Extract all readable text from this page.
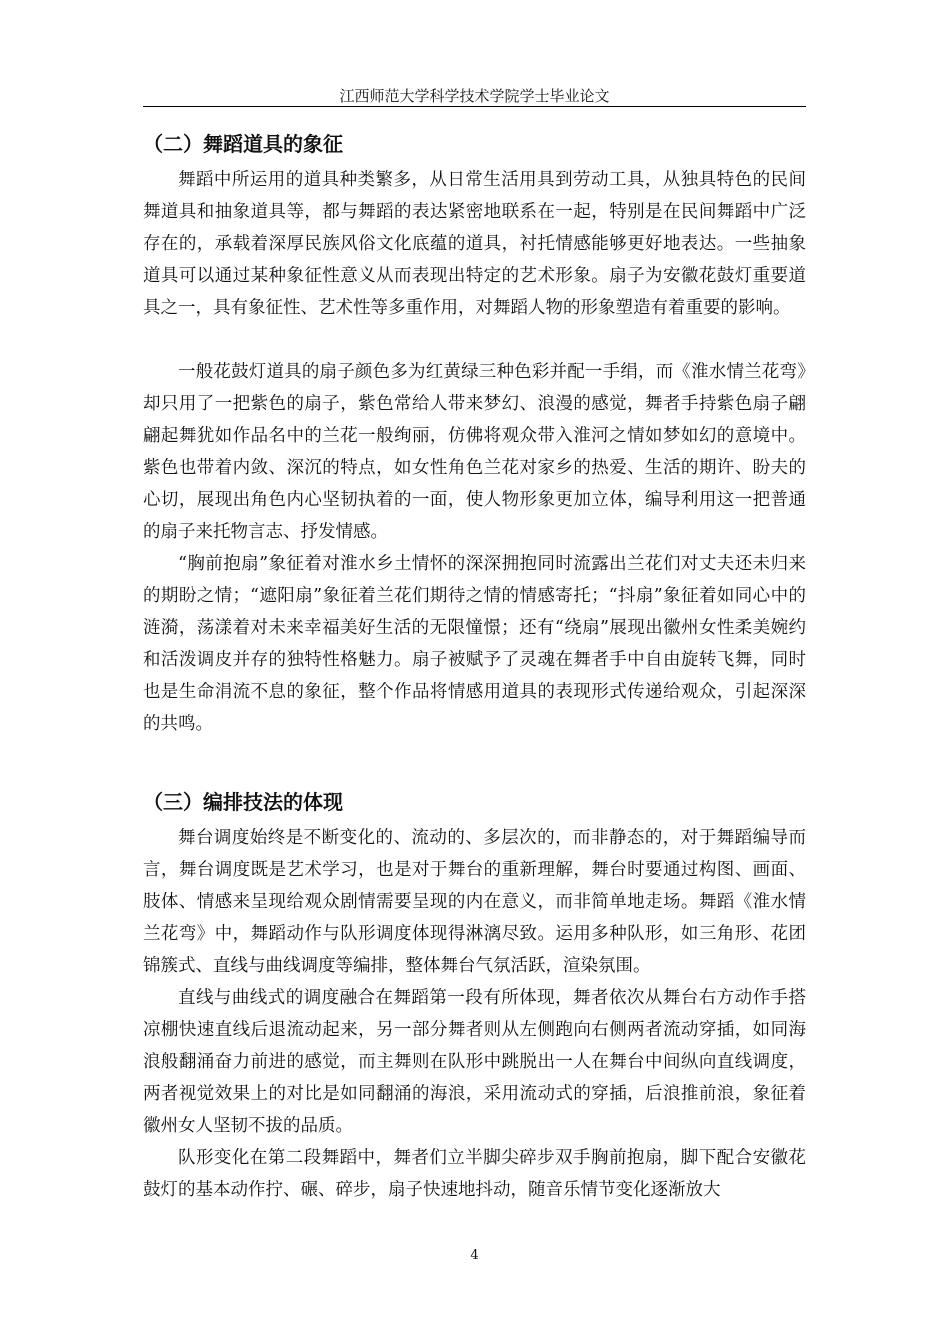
江西师范大学科学技术学院学士毕业论文
（二）舞蹈道具的象征

舞蹈中所运用的道具种类繁多，从日常生活用具到劳动工具，从独具特色的民间舞道具和抽象道具等，都与舞蹈的表达紧密地联系在一起，特别是在民间舞蹈中广泛存在的，承载着深厚民族风俗文化底蕴的道具，衬托情感能够更好地表达。一些抽象道具可以通过某种象征性意义从而表现出特定的艺术形象。扇子为安徽花鼓灯重要道具之一，具有象征性、艺术性等多重作用，对舞蹈人物的形象塑造有着重要的影响。

一般花鼓灯道具的扇子颜色多为红黄绿三种色彩并配一手绢，而《淮水情兰花弯》却只用了一把紫色的扇子，紫色常给人带来梦幻、浪漫的感觉，舞者手持紫色扇子翩翩起舞犹如作品名中的兰花一般绚丽，仿佛将观众带入淮河之情如梦如幻的意境中。紫色也带着内敛、深沉的特点，如女性角色兰花对家乡的热爱、生活的期许、盼夫的心切，展现出角色内心坚韧执着的一面，使人物形象更加立体，编导利用这一把普通的扇子来托物言志、抒发情感。

“胸前抱扇”象征着对淮水乡土情怀的深深拥抱同时流露出兰花们对丈夫还未归来的期盼之情；“遮阳扇”象征着兰花们期待之情的情感寄托；“抖扇”象征着如同心中的涟漪，荡漾着对未来幸福美好生活的无限憧憬；还有“绕扇”展现出徽州女性柔美婉约和活泼调皮并存的独特性格魅力。扇子被赋予了灵魂在舞者手中自由旋转飞舞，同时也是生命涓流不息的象征，整个作品将情感用道具的表现形式传递给观众，引起深深的共鸣。

（三）编排技法的体现

舞台调度始终是不断变化的、流动的、多层次的，而非静态的，对于舞蹈编导而言，舞台调度既是艺术学习，也是对于舞台的重新理解，舞台时要通过构图、画面、肢体、情感来呈现给观众剧情需要呈现的内在意义，而非简单地走场。舞蹈《淮水情兰花弯》中，舞蹈动作与队形调度体现得淋漓尽致。运用多种队形，如三角形、花团锦簇式、直线与曲线调度等编排，整体舞台气氛活跃，渲染氛围。

直线与曲线式的调度融合在舞蹈第一段有所体现，舞者依次从舞台右方动作手搭凉棚快速直线后退流动起来，另一部分舞者则从左侧跑向右侧两者流动穿插，如同海浪般翻涌奋力前进的感觉，而主舞则在队形中跳脱出一人在舞台中间纵向直线调度，两者视觉效果上的对比是如同翻涌的海浪，采用流动式的穿插，后浪推前浪，象征着徽州女人坚韧不拔的品质。

队形变化在第二段舞蹈中，舞者们立半脚尖碎步双手胸前抱扇，脚下配合安徽花鼓灯的基本动作拧、碾、碎步，扇子快速地抖动，随音乐情节变化逐渐放大

4
